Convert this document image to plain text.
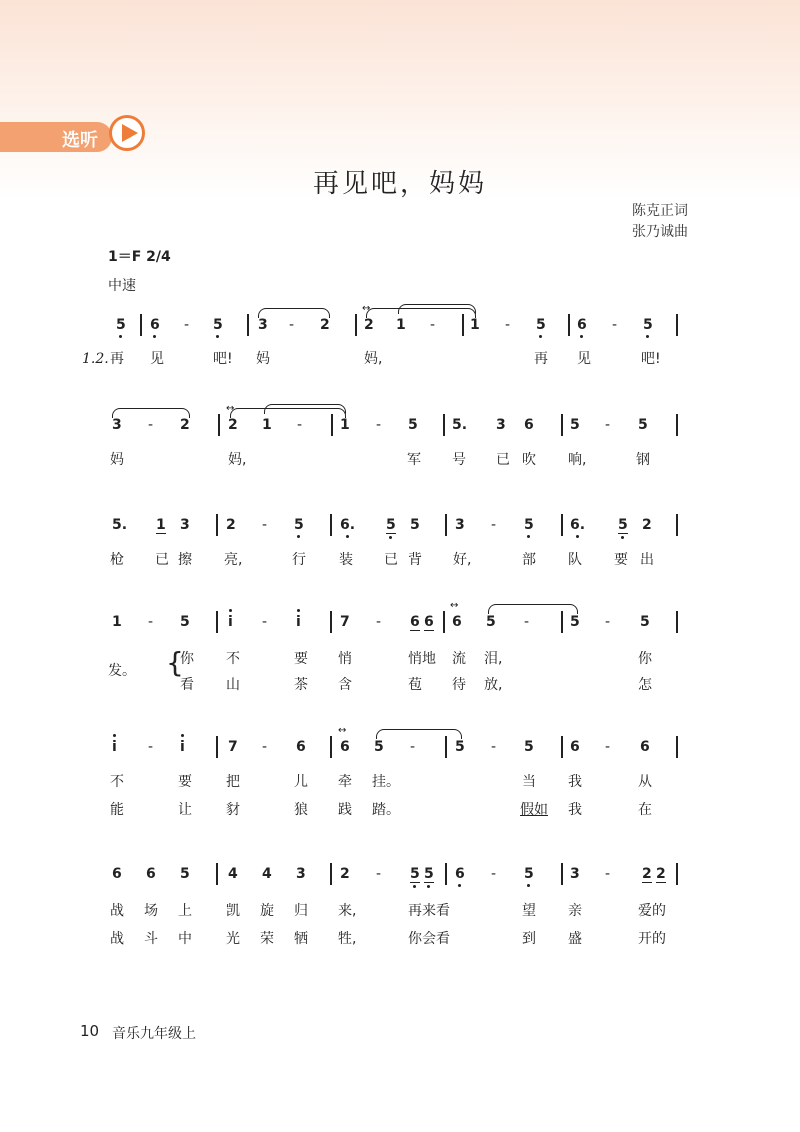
选听
再见吧，妈妈
陈克正词
张乃诚曲
1＝F 2/4
中速
5 6 - 5	3 - 2 ↔ 2 1 - 1 - 5 6 - 5
1.2. 再 见	吧! 妈	妈,	再 见	吧!
3 - 2	↔ 2 1 -	1 - 5 5. 3 6	5 - 5
妈	妈,	军 号 已 吹 响,	钢
5. 1 3	2 - 5	6. 5 5	3 - 5	6. 5 2
枪 已 擦 亮,	行 装 已 背 好,	部 队 要 出
1 - 5	i - i	7 - 6 6 ↔ 6 5 -	5 - 5
发。 {
你 不	要 悄	悄地 流 泪,	你
看 山	茶 含	苞 待 放,	怎
i - i	7 - 6 ↔ 6 5 -	5 - 5	6 - 6
不	要 把	儿 牵 挂。	当 我	从
能	让 豺	狼 践 踏。	假如 我	在
6 6 5	4 4 3 2 - 5 5 6 - 5	3 - 2 2
战 场 上 凯 旋 归 来,	再来看	望 亲	爱的
战 斗 中 光 荣 牺 牲,	你会看	到 盛	开的
10 音乐九年级上
